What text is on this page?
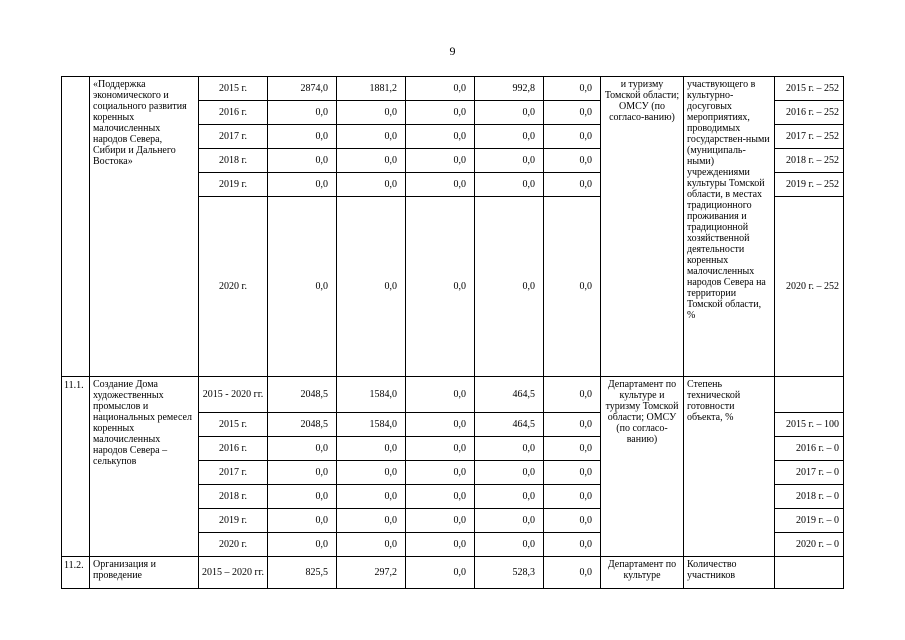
9
	«Поддержка экономического и социального развития коренных малочисленных народов Севера, Сибири и Дальнего Востока»	2015 г.	2874,0	1881,2	0,0	992,8	0,0	и туризму Томской области; ОМСУ (по согласо-ванию)	участвующего в культурно-досуговых мероприятиях, проводимых государствен-ными (муниципаль-ными) учреждениями культуры Томской области, в местах традиционного проживания и традиционной хозяйственной деятельности коренных малочисленных народов Севера на территории Томской области, %	2015 г. – 252
		2016 г.	0,0	0,0	0,0	0,0	0,0			2016 г. – 252
		2017 г.	0,0	0,0	0,0	0,0	0,0			2017 г. – 252
		2018 г.	0,0	0,0	0,0	0,0	0,0			2018 г. – 252
		2019 г.	0,0	0,0	0,0	0,0	0,0			2019 г. – 252
		2020 г.	0,0	0,0	0,0	0,0	0,0			2020 г. – 252
11.1.	Создание Дома художественных промыслов и национальных ремесел коренных малочисленных народов Севера – селькупов	2015 - 2020 гг.	2048,5	1584,0	0,0	464,5	0,0	Департамент по культуре и туризму Томской области; ОМСУ (по согласо-ванию)	Степень технической готовности объекта, %	
		2015 г.	2048,5	1584,0	0,0	464,5	0,0			2015 г. – 100
		2016 г.	0,0	0,0	0,0	0,0	0,0			2016 г. – 0
		2017 г.	0,0	0,0	0,0	0,0	0,0			2017 г. – 0
		2018 г.	0,0	0,0	0,0	0,0	0,0			2018 г. – 0
		2019 г.	0,0	0,0	0,0	0,0	0,0			2019 г. – 0
		2020 г.	0,0	0,0	0,0	0,0	0,0			2020 г. – 0
11.2.	Организация и проведение	2015 – 2020 гг.	825,5	297,2	0,0	528,3	0,0	Департамент по культуре	Количество участников	
